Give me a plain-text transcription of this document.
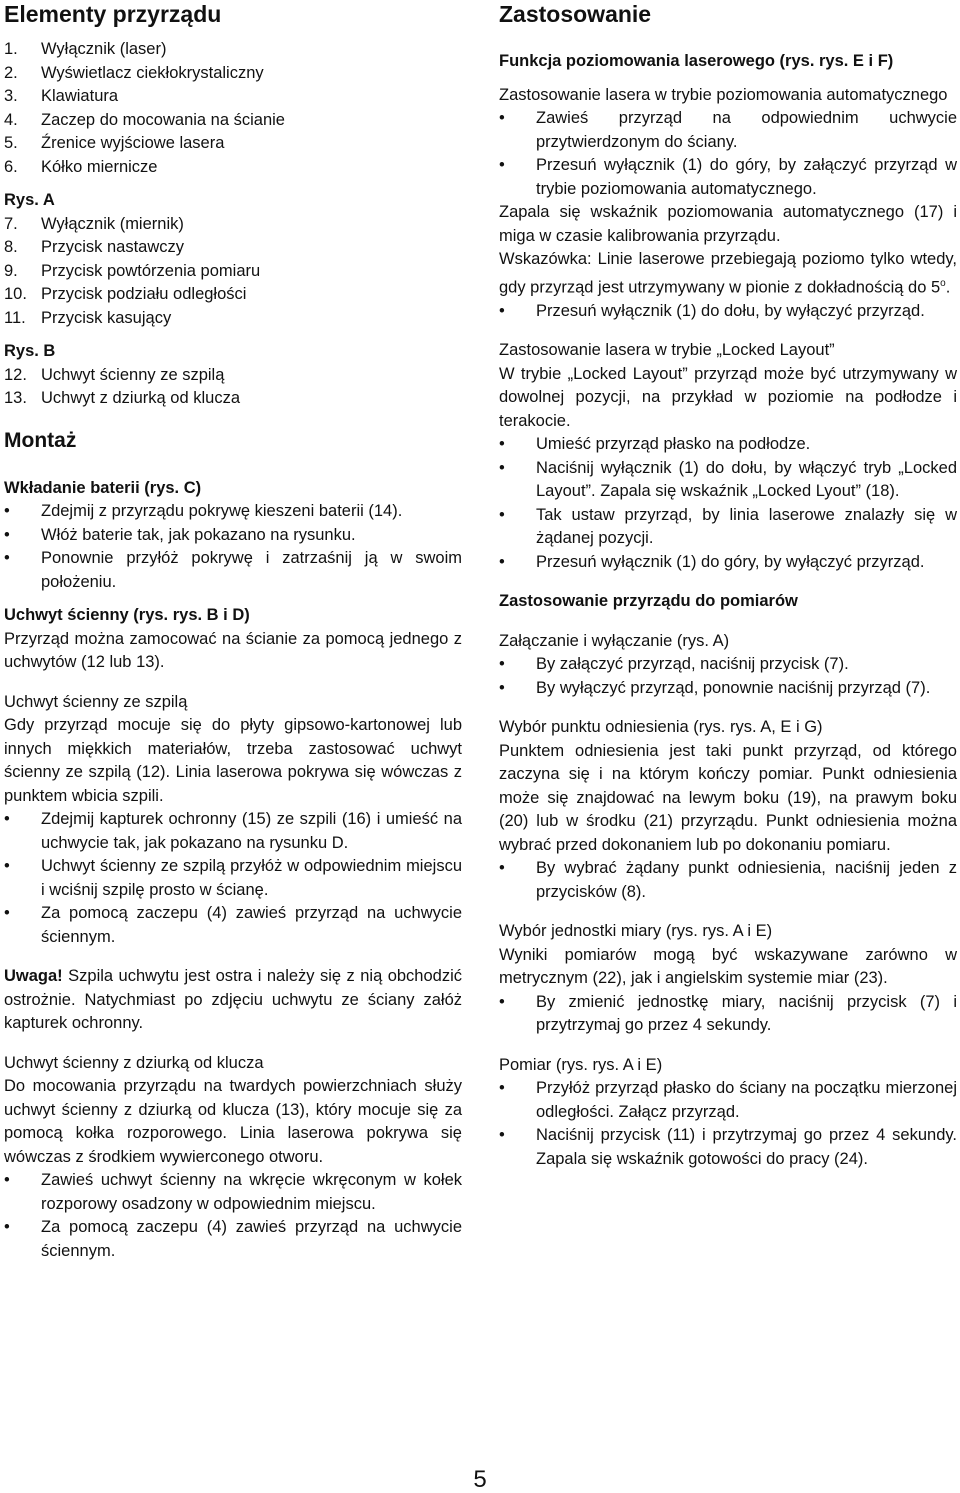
Elementy przyrządu
1.	Wyłącznik (laser)
2.	Wyświetlacz ciekłokrystaliczny
3.	Klawiatura
4.	Zaczep do mocowania na ścianie
5.	Źrenice wyjściowe lasera
6.	Kółko miernicze
Rys. A
7.	Wyłącznik (miernik)
8.	Przycisk nastawczy
9.	Przycisk powtórzenia pomiaru
10. Przycisk podziału odległości
11. Przycisk kasujący
Rys. B
12. Uchwyt ścienny ze szpilą
13. Uchwyt z dziurką od klucza
Montaż
Wkładanie baterii (rys. C)
• Zdejmij z przyrządu pokrywę kieszeni baterii (14).
• Włóż baterie tak, jak pokazano na rysunku.
• Ponownie przyłóż pokrywę i zatrzaśnij ją w swoim położeniu.
Uchwyt ścienny (rys. rys. B i D)

Przyrząd można zamocować na ścianie za pomocą jednego z uchwytów (12 lub 13).

Uchwyt ścienny ze szpilą

Gdy przyrząd mocuje się do płyty gipsowo-kartonowej lub innych miękkich materiałów, trzeba zastosować uchwyt ścienny ze szpilą (12). Linia laserowa pokrywa się wówczas z punktem wbicia szpili.

• Zdejmij kapturek ochronny (15) ze szpili (16) i umieść na uchwycie tak, jak pokazano na rysunku D.
• Uchwyt ścienny ze szpilą przyłóż w odpowiednim miejscu i wciśnij szpilę prosto w ścianę.
• Za pomocą zaczepu (4) zawieś przyrząd na uchwycie ściennym.

Uwaga! Szpila uchwytu jest ostra i należy się z nią obchodzić ostrożnie. Natychmiast po zdjęciu uchwytu ze ściany załóż kapturek ochronny.

Uchwyt ścienny z dziurką od klucza

Do mocowania przyrządu na twardych powierzchniach służy uchwyt ścienny z dziurką od klucza (13), który mocuje się za pomocą kołka rozporowego. Linia laserowa pokrywa się wówczas z środkiem wywierconego otworu.

• Zawieś uchwyt ścienny na wkręcie wkręconym w kołek rozporowy osadzony w odpowiednim miejscu.
• Za pomocą zaczepu (4) zawieś przyrząd na uchwycie ściennym.
Zastosowanie
Funkcja poziomowania laserowego (rys. rys. E i F)

Zastosowanie lasera w trybie poziomowania automatycznego

• Zawieś przyrząd na odpowiednim uchwycie przytwierdzonym do ściany.
• Przesuń wyłącznik (1) do góry, by załączyć przyrząd w trybie poziomowania automatycznego.

Zapala się wskaźnik poziomowania automatycznego (17) i miga w czasie kalibrowania przyrządu.

Wskazówka: Linie laserowe przebiegają poziomo tylko wtedy, gdy przyrząd jest utrzymywany w pionie z dokładnością do 5$^o$.

• Przesuń wyłącznik (1) do dołu, by wyłączyć przyrząd.

Zastosowanie lasera w trybie „Locked Layout”

W trybie „Locked Layout” przyrząd może być utrzymywany w dowolnej pozycji, na przykład w poziomie na podłodze i terakocie.

• Umieść przyrząd płasko na podłodze.
• Naciśnij wyłącznik (1) do dołu, by włączyć tryb „Locked Layout”. Zapala się wskaźnik „Locked Lyout” (18).
• Tak ustaw przyrząd, by linia laserowe znalazły się w żądanej pozycji.
• Przesuń wyłącznik (1) do góry, by wyłączyć przyrząd.
Zastosowanie przyrządu do pomiarów

Załączanie i wyłączanie (rys. A)

• By załączyć przyrząd, naciśnij przycisk (7).
• By wyłączyć przyrząd, ponownie naciśnij przyrząd (7).

Wybór punktu odniesienia (rys. rys. A, E i G)

Punktem odniesienia jest taki punkt przyrząd, od którego zaczyna się i na którym kończy pomiar. Punkt odniesienia może się znajdować na lewym boku (19), na prawym boku (20) lub w środku (21) przyrządu. Punkt odniesienia można wybrać przed dokonaniem lub po dokonaniu pomiaru.

• By wybrać żądany punkt odniesienia, naciśnij jeden z przycisków (8).

Wybór jednostki miary (rys. rys. A i E)

Wyniki pomiarów mogą być wskazywane zarówno w metrycznym (22), jak i angielskim systemie miar (23).

• By zmienić jednostkę miary, naciśnij przycisk (7) i przytrzymaj go przez 4 sekundy.

Pomiar (rys. rys. A i E)

• Przyłóż przyrząd płasko do ściany na początku mierzonej odległości. Załącz przyrząd.
• Naciśnij przycisk (11) i przytrzymaj go przez 4 sekundy. Zapala się wskaźnik gotowości do pracy (24).
5
